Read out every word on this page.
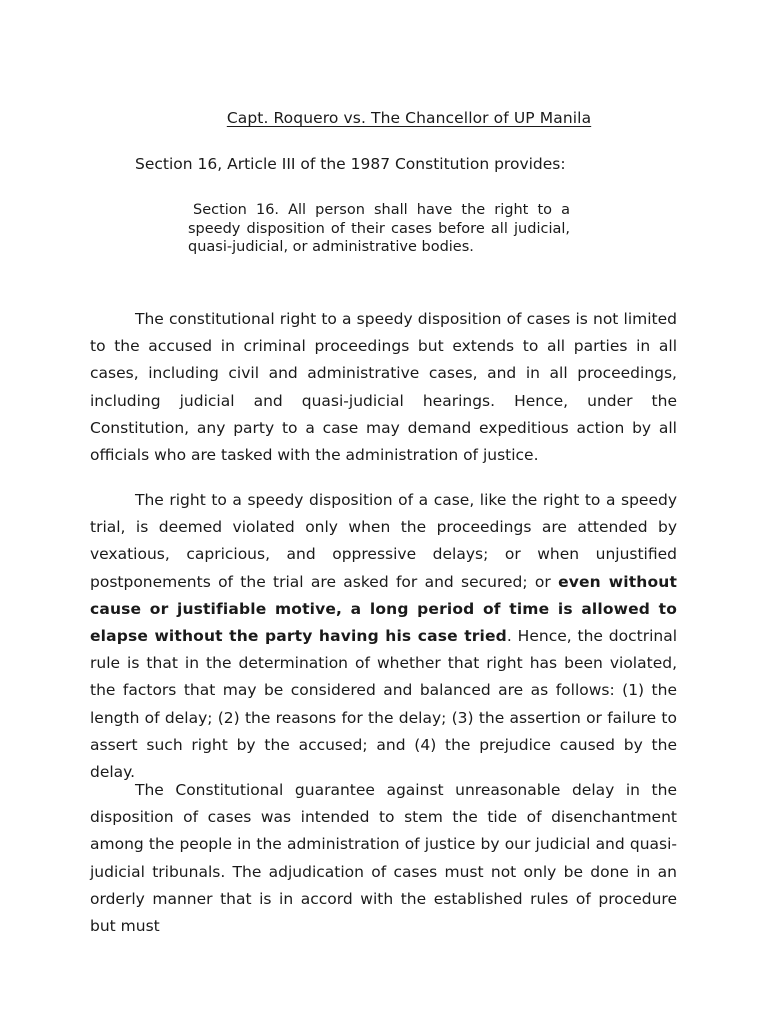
Capt. Roquero vs. The Chancellor of UP Manila
Section 16, Article III of the 1987 Constitution provides:
Section 16. All person shall have the right to a speedy disposition of their cases before all judicial, quasi-judicial, or administrative bodies.

The constitutional right to a speedy disposition of cases is not limited to the accused in criminal proceedings but extends to all parties in all cases, including civil and administrative cases, and in all proceedings, including judicial and quasi-judicial hearings. Hence, under the Constitution, any party to a case may demand expeditious action by all officials who are tasked with the administration of justice.

The right to a speedy disposition of a case, like the right to a speedy trial, is deemed violated only when the proceedings are attended by vexatious, capricious, and oppressive delays; or when unjustified postponements of the trial are asked for and secured; or even without cause or justifiable motive, a long period of time is allowed to elapse without the party having his case tried. Hence, the doctrinal rule is that in the determination of whether that right has been violated, the factors that may be considered and balanced are as follows: (1) the length of delay; (2) the reasons for the delay; (3) the assertion or failure to assert such right by the accused; and (4) the prejudice caused by the delay.

The Constitutional guarantee against unreasonable delay in the disposition of cases was intended to stem the tide of disenchantment among the people in the administration of justice by our judicial and quasi-judicial tribunals. The adjudication of cases must not only be done in an orderly manner that is in accord with the established rules of procedure but must
